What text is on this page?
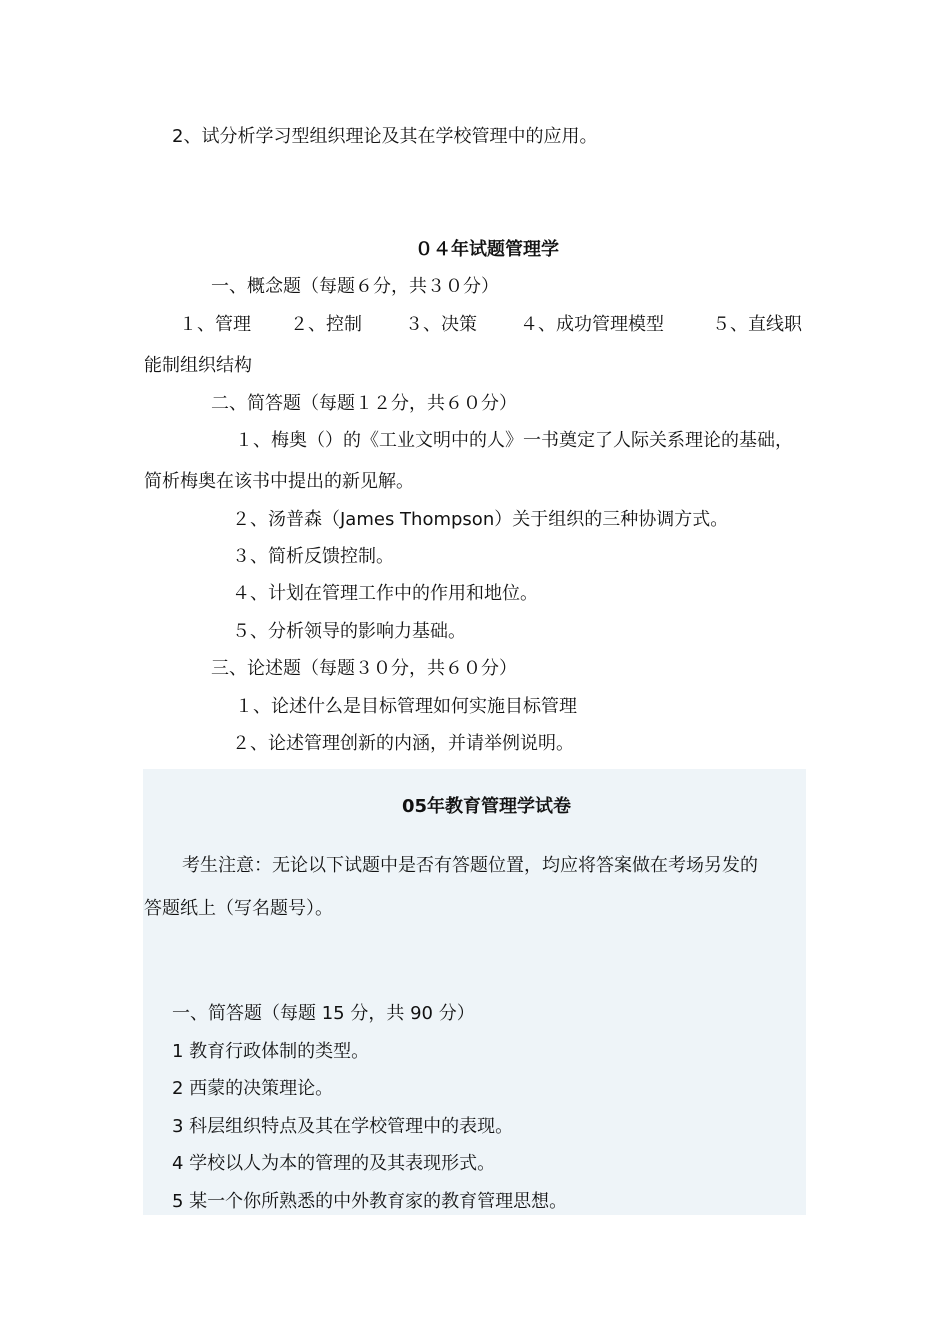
2、试分析学习型组织理论及其在学校管理中的应用。
０４年试题管理学
一、概念题（每题６分，共３０分）
１、管理 ２、控制 ３、决策 ４、成功管理模型	５、直线职
能制组织结构
二、简答题（每题１２分，共６０分）
１、梅奥（）的《工业文明中的人》一书奠定了人际关系理论的基础，
简析梅奥在该书中提出的新见解。
２、汤普森（James Thompson）关于组织的三种协调方式。
３、简析反馈控制。
４、计划在管理工作中的作用和地位。
５、分析领导的影响力基础。
三、论述题（每题３０分，共６０分）
１、论述什么是目标管理如何实施目标管理
２、论述管理创新的内涵，并请举例说明。
05年教育管理学试卷
考生注意：无论以下试题中是否有答题位置，均应将答案做在考场另发的
答题纸上（写名题号）。
一、简答题（每题 15 分，共 90 分）
1 教育行政体制的类型。
2 西蒙的决策理论。
3 科层组织特点及其在学校管理中的表现。
4 学校以人为本的管理的及其表现形式。
5 某一个你所熟悉的中外教育家的教育管理思想。
